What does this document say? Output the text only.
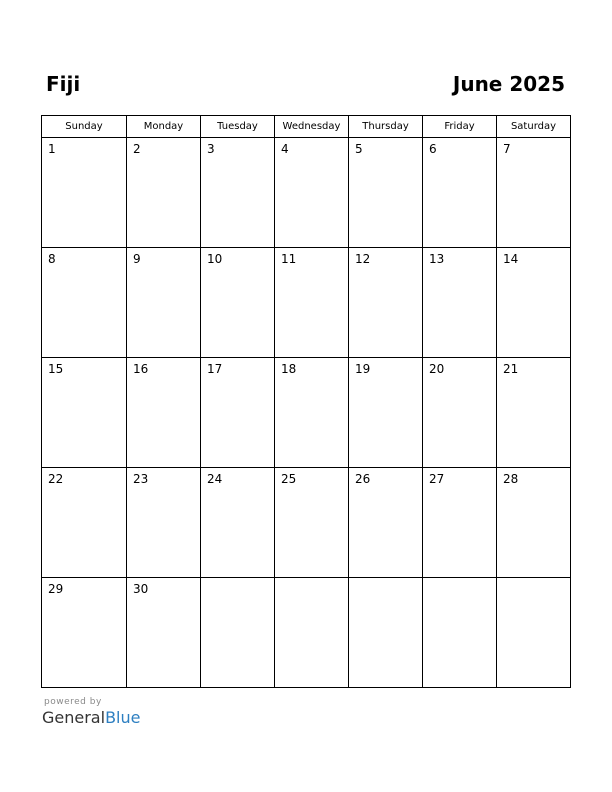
Fiji	June 2025
Sunday	Monday	Tuesday	Wednesday	Thursday	Friday	Saturday
1	2	3	4	5	6	7
8	9	10	11	12	13	14
15	16	17	18	19	20	21
22	23	24	25	26	27	28
29	30					
powered by
GeneralBlue
